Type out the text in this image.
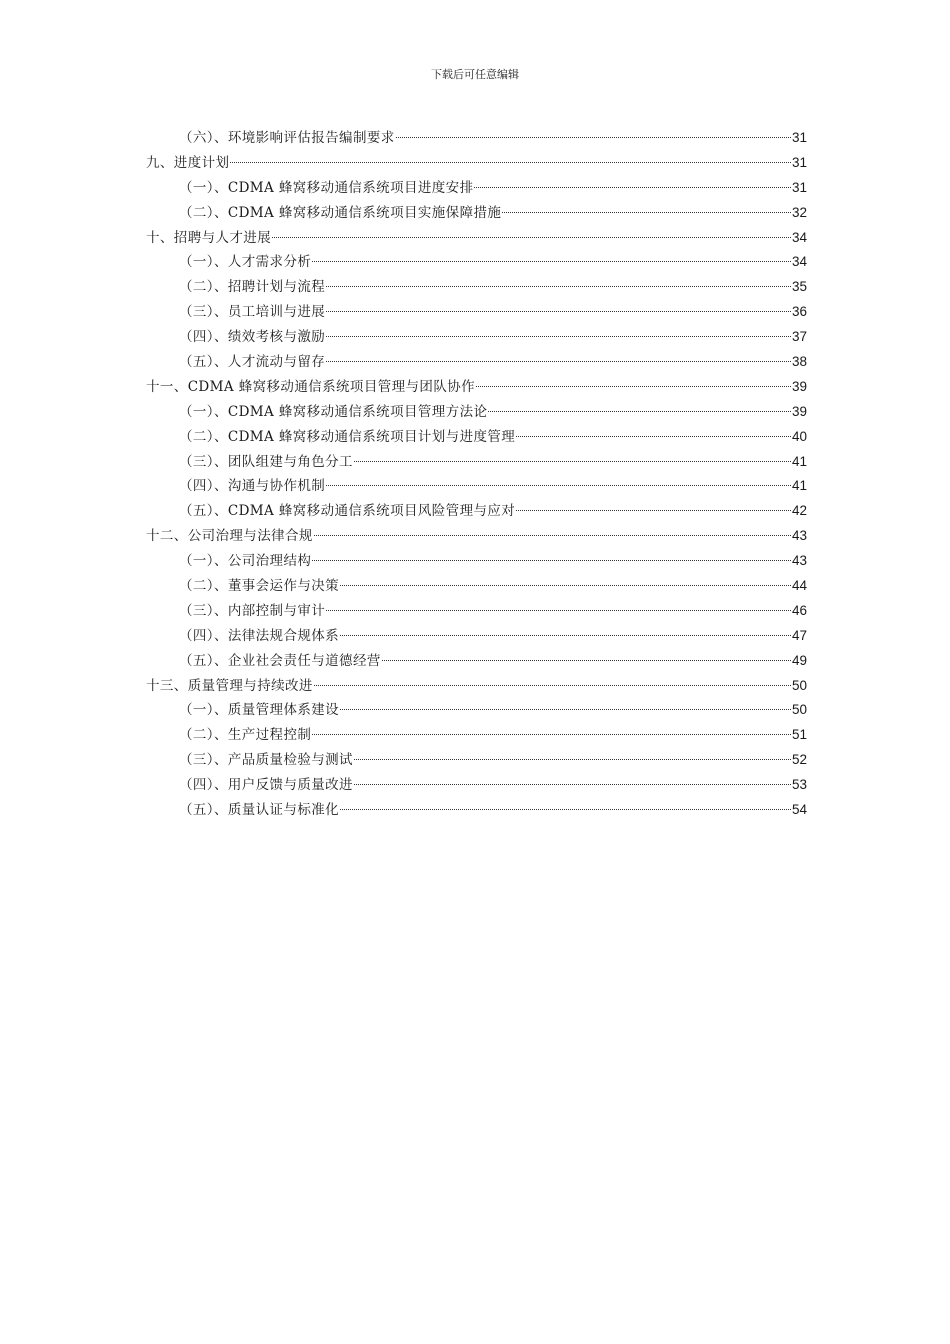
下载后可任意编辑
（六）、环境影响评估报告编制要求	31
九、进度计划	31
（一）、CDMA 蜂窝移动通信系统项目进度安排	31
（二）、CDMA 蜂窝移动通信系统项目实施保障措施	32
十、招聘与人才进展	34
（一）、人才需求分析	34
（二）、招聘计划与流程	35
（三）、员工培训与进展	36
（四）、绩效考核与激励	37
（五）、人才流动与留存	38
十一、CDMA 蜂窝移动通信系统项目管理与团队协作	39
（一）、CDMA 蜂窝移动通信系统项目管理方法论	39
（二）、CDMA 蜂窝移动通信系统项目计划与进度管理	40
（三）、团队组建与角色分工	41
（四）、沟通与协作机制	41
（五）、CDMA 蜂窝移动通信系统项目风险管理与应对	42
十二、公司治理与法律合规	43
（一）、公司治理结构	43
（二）、董事会运作与决策	44
（三）、内部控制与审计	46
（四）、法律法规合规体系	47
（五）、企业社会责任与道德经营	49
十三、质量管理与持续改进	50
（一）、质量管理体系建设	50
（二）、生产过程控制	51
（三）、产品质量检验与测试	52
（四）、用户反馈与质量改进	53
（五）、质量认证与标准化	54
